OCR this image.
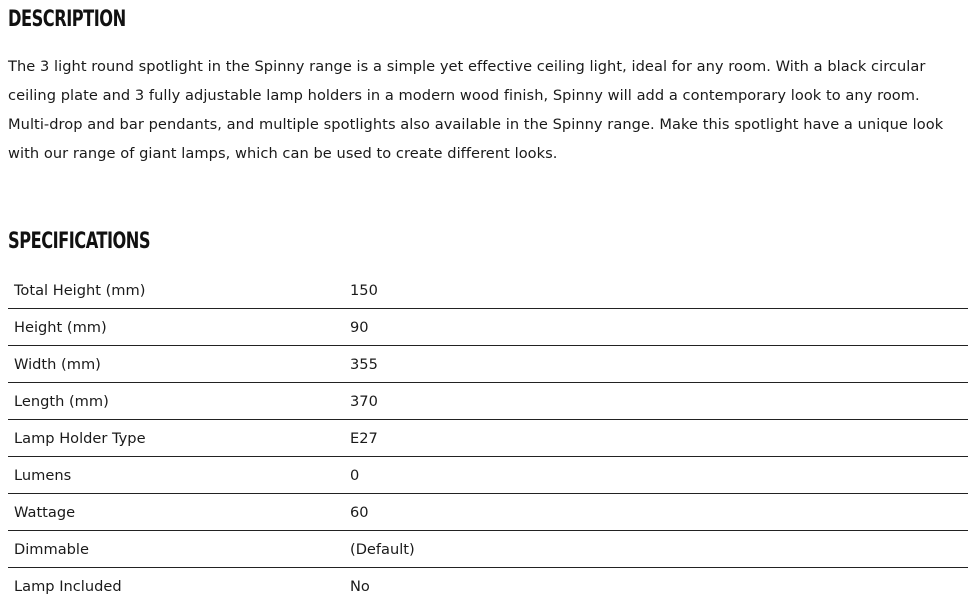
DESCRIPTION

The 3 light round spotlight in the Spinny range is a simple yet effective ceiling light, ideal for any room. With a black circular ceiling plate and 3 fully adjustable lamp holders in a modern wood finish, Spinny will add a contemporary look to any room. Multi-drop and bar pendants, and multiple spotlights also available in the Spinny range. Make this spotlight have a unique look with our range of giant lamps, which can be used to create different looks.

SPECIFICATIONS
Total Height (mm)	150
Height (mm)	90
Width (mm)	355
Length (mm)	370
Lamp Holder Type	E27
Lumens	0
Wattage	60
Dimmable	(Default)
Lamp Included	No
